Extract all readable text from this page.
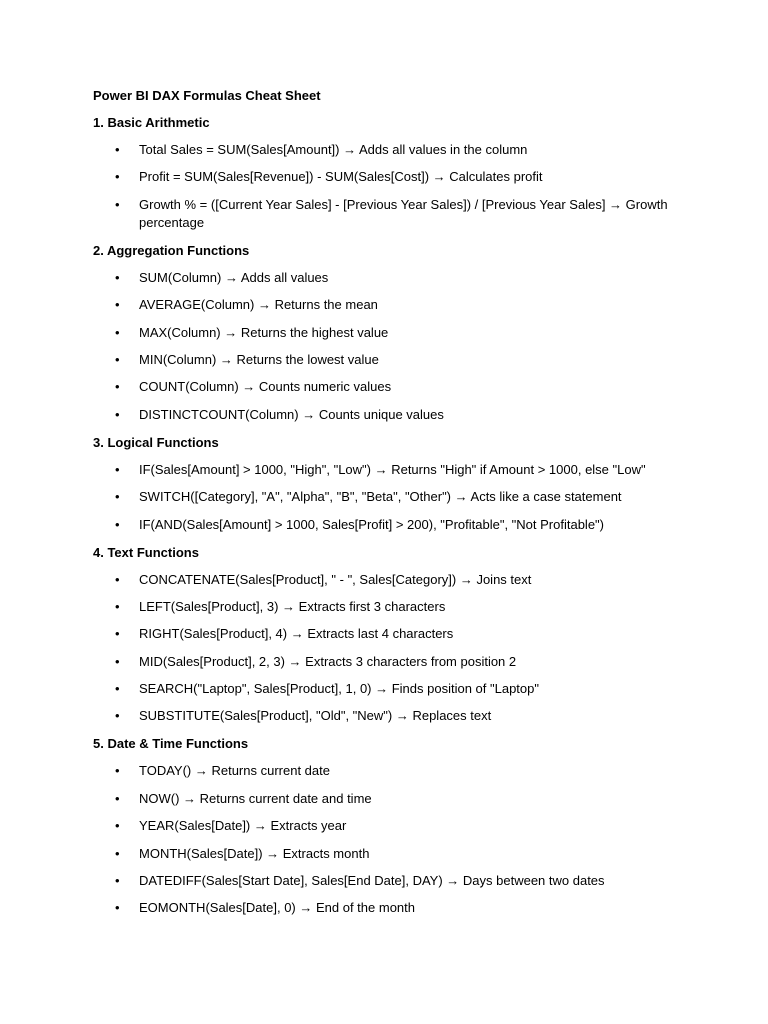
Power BI DAX Formulas Cheat Sheet
1. Basic Arithmetic
• Total Sales = SUM(Sales[Amount]) → Adds all values in the column
• Profit = SUM(Sales[Revenue]) - SUM(Sales[Cost]) → Calculates profit
• Growth % = ([Current Year Sales] - [Previous Year Sales]) / [Previous Year Sales] → Growth percentage
2. Aggregation Functions
• SUM(Column) → Adds all values
• AVERAGE(Column) → Returns the mean
• MAX(Column) → Returns the highest value
• MIN(Column) → Returns the lowest value
• COUNT(Column) → Counts numeric values
• DISTINCTCOUNT(Column) → Counts unique values
3. Logical Functions
• IF(Sales[Amount] > 1000, "High", "Low") → Returns "High" if Amount > 1000, else "Low"
• SWITCH([Category], "A", "Alpha", "B", "Beta", "Other") → Acts like a case statement
• IF(AND(Sales[Amount] > 1000, Sales[Profit] > 200), "Profitable", "Not Profitable")
4. Text Functions
• CONCATENATE(Sales[Product], " - ", Sales[Category]) → Joins text
• LEFT(Sales[Product], 3) → Extracts first 3 characters
• RIGHT(Sales[Product], 4) → Extracts last 4 characters
• MID(Sales[Product], 2, 3) → Extracts 3 characters from position 2
• SEARCH("Laptop", Sales[Product], 1, 0) → Finds position of "Laptop"
• SUBSTITUTE(Sales[Product], "Old", "New") → Replaces text
5. Date & Time Functions
• TODAY() → Returns current date
• NOW() → Returns current date and time
• YEAR(Sales[Date]) → Extracts year
• MONTH(Sales[Date]) → Extracts month
• DATEDIFF(Sales[Start Date], Sales[End Date], DAY) → Days between two dates
• EOMONTH(Sales[Date], 0) → End of the month
